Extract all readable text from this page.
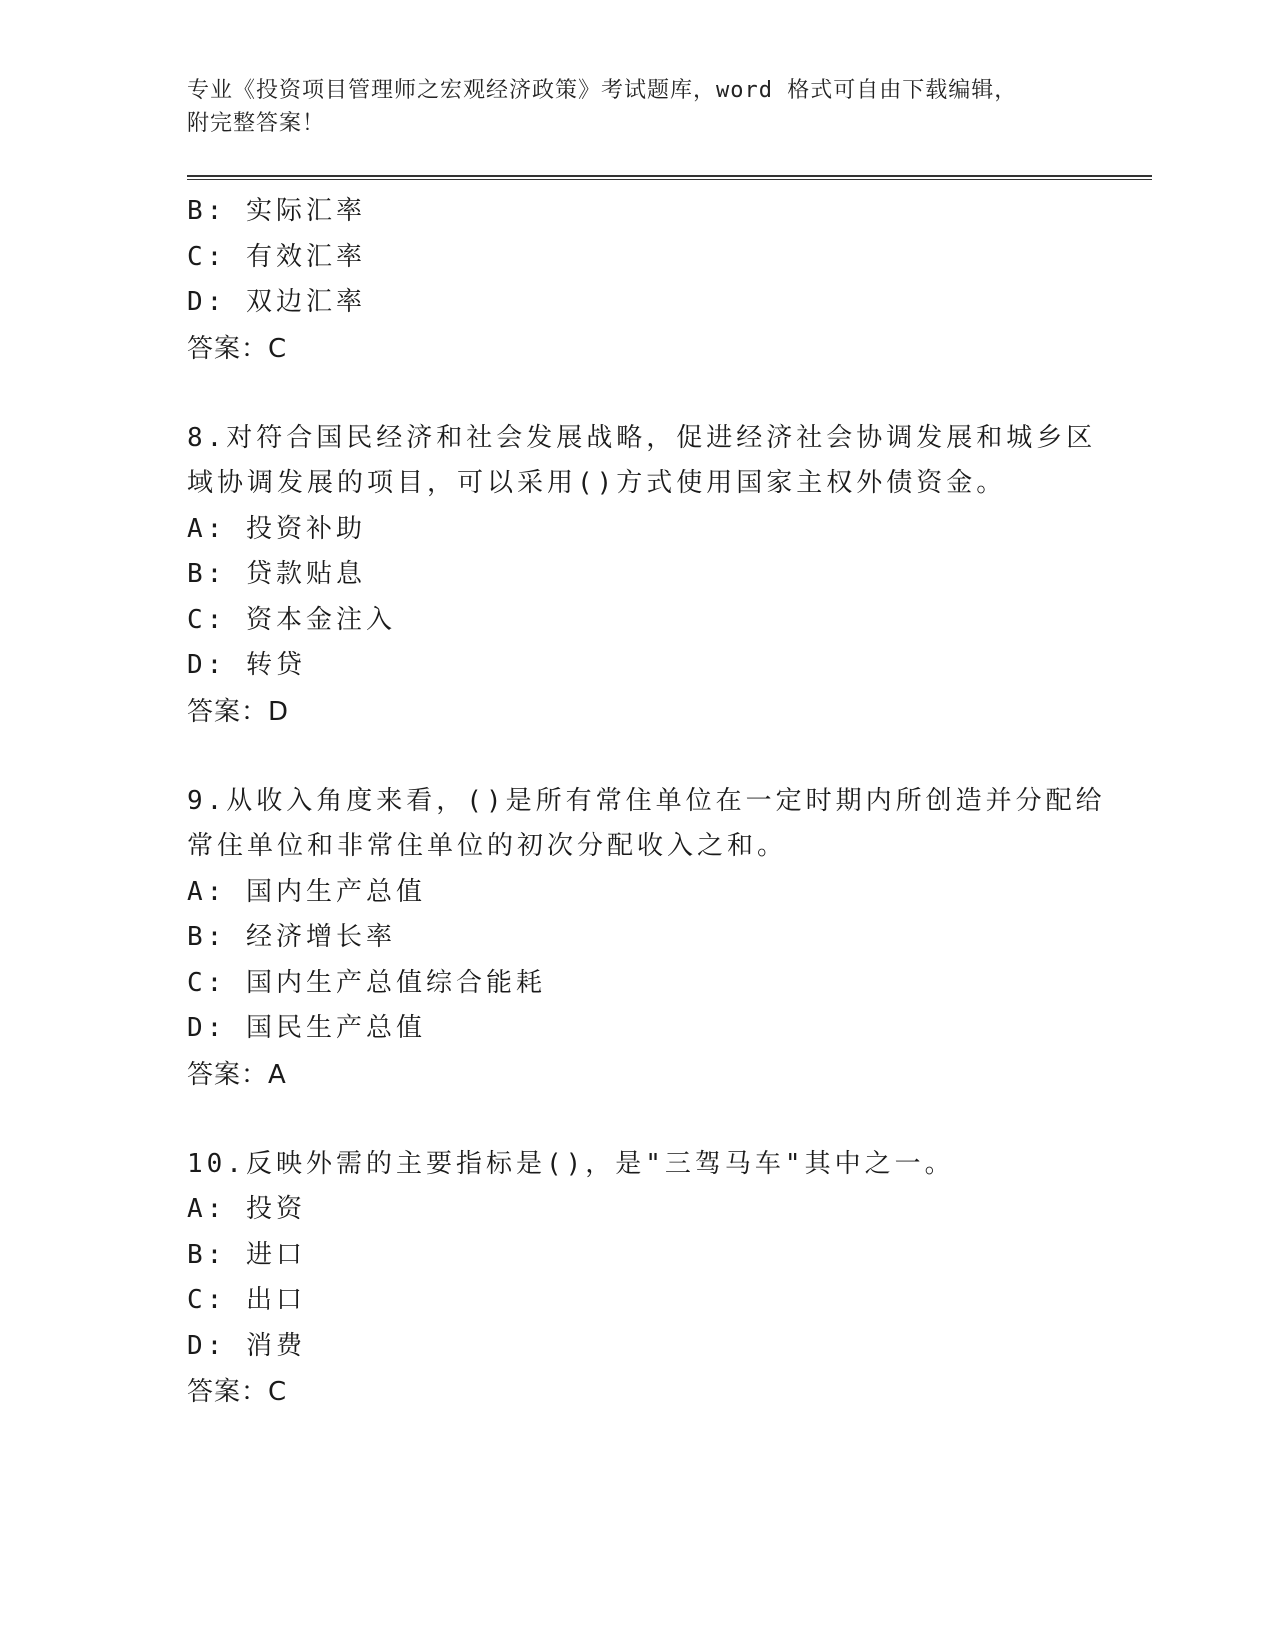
专业《投资项目管理师之宏观经济政策》考试题库，word 格式可自由下载编辑，
附完整答案！
B: 实际汇率
C: 有效汇率
D: 双边汇率
答案：C
8.对符合国民经济和社会发展战略，促进经济社会协调发展和城乡区
域协调发展的项目，可以采用()方式使用国家主权外债资金。
A: 投资补助
B: 贷款贴息
C: 资本金注入
D: 转贷
答案：D
9.从收入角度来看，()是所有常住单位在一定时期内所创造并分配给
常住单位和非常住单位的初次分配收入之和。
A: 国内生产总值
B: 经济增长率
C: 国内生产总值综合能耗
D: 国民生产总值
答案：A
10.反映外需的主要指标是()，是"三驾马车"其中之一。
A: 投资
B: 进口
C: 出口
D: 消费
答案：C
